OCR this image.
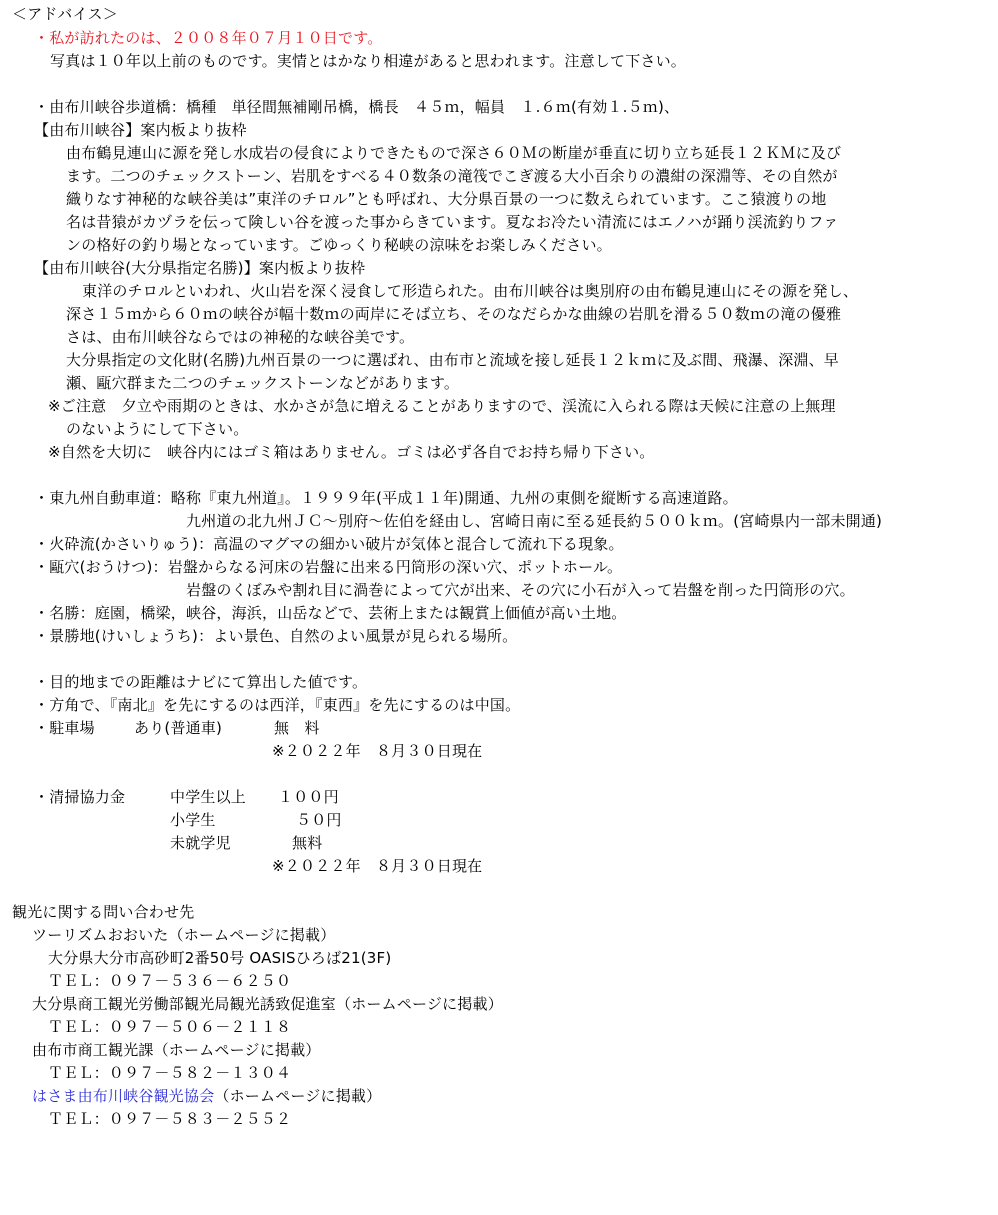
＜アドバイス＞
・私が訪れたのは、２００８年０７月１０日です。
写真は１０年以上前のものです。実情とはかなり相違があると思われます。注意して下さい。
・由布川峡谷歩道橋：橋種　単径間無補剛吊橋，橋長　４５ｍ，幅員　１.６ｍ(有効１.５ｍ)、
【由布川峡谷】案内板より抜枠
由布鶴見連山に源を発し水成岩の侵食によりできたもので深さ６０Ｍの断崖が垂直に切り立ち延長１２ＫＭに及び
ます。二つのチェックストーン、岩肌をすべる４０数条の滝筏でこぎ渡る大小百余りの濃紺の深淵等、その自然が
織りなす神秘的な峡谷美は”東洋のチロル”とも呼ばれ、大分県百景の一つに数えられています。ここ猿渡りの地
名は昔猿がカヅラを伝って険しい谷を渡った事からきています。夏なお冷たい清流にはエノハが踊り渓流釣りファ
ンの格好の釣り場となっています。ごゆっくり秘峡の涼味をお楽しみください。
【由布川峡谷(大分県指定名勝)】案内板より抜枠
東洋のチロルといわれ、火山岩を深く浸食して形造られた。由布川峡谷は奥別府の由布鶴見連山にその源を発し、
深さ１５ｍから６０ｍの峡谷が幅十数ｍの両岸にそば立ち、そのなだらかな曲線の岩肌を滑る５０数ｍの滝の優雅
さは、由布川峡谷ならではの神秘的な峡谷美です。
大分県指定の文化財(名勝)九州百景の一つに選ばれ、由布市と流域を接し延長１２ｋｍに及ぶ間、飛瀑、深淵、早
瀬、甌穴群また二つのチェックストーンなどがあります。
※ご注意　夕立や雨期のときは、水かさが急に増えることがありますので、渓流に入られる際は天候に注意の上無理
のないようにして下さい。
※自然を大切に　峡谷内にはゴミ箱はありません。ゴミは必ず各自でお持ち帰り下さい。
・東九州自動車道：略称『東九州道』。１９９９年(平成１１年)開通、九州の東側を縦断する高速道路。
九州道の北九州ＪＣ～別府～佐伯を経由し、宮崎日南に至る延長約５００ｋｍ。(宮崎県内一部未開通)
・火砕流(かさいりゅう)：高温のマグマの細かい破片が気体と混合して流れ下る現象。
・甌穴(おうけつ)：岩盤からなる河床の岩盤に出来る円筒形の深い穴、ポットホール。
岩盤のくぼみや割れ目に渦巻によって穴が出来、その穴に小石が入って岩盤を削った円筒形の穴。
・名勝：庭園，橋梁，峡谷，海浜，山岳などで、芸術上または観賞上価値が高い土地。
・景勝地(けいしょうち)：よい景色、自然のよい風景が見られる場所。
・目的地までの距離はナビにて算出した値です。
・方角で、『南北』を先にするのは西洋，『東西』を先にするのは中国。
・駐車場	あり(普通車)	無　料
※２０２２年　８月３０日現在
・清掃協力金	中学生以上 １００円
小学生	５０円
未就学児	無料
※２０２２年　８月３０日現在
観光に関する問い合わせ先
ツーリズムおおいた（ホームページに掲載）
大分県大分市高砂町2番50号 OASISひろば21(3F)
ＴＥＬ：０９７－５３６－６２５０
大分県商工観光労働部観光局観光誘致促進室（ホームページに掲載）
ＴＥＬ：０９７－５０６－２１１８
由布市商工観光課（ホームページに掲載）
ＴＥＬ：０９７－５８２－１３０４
はさま由布川峡谷観光協会（ホームページに掲載）
ＴＥＬ：０９７－５８３－２５５２
